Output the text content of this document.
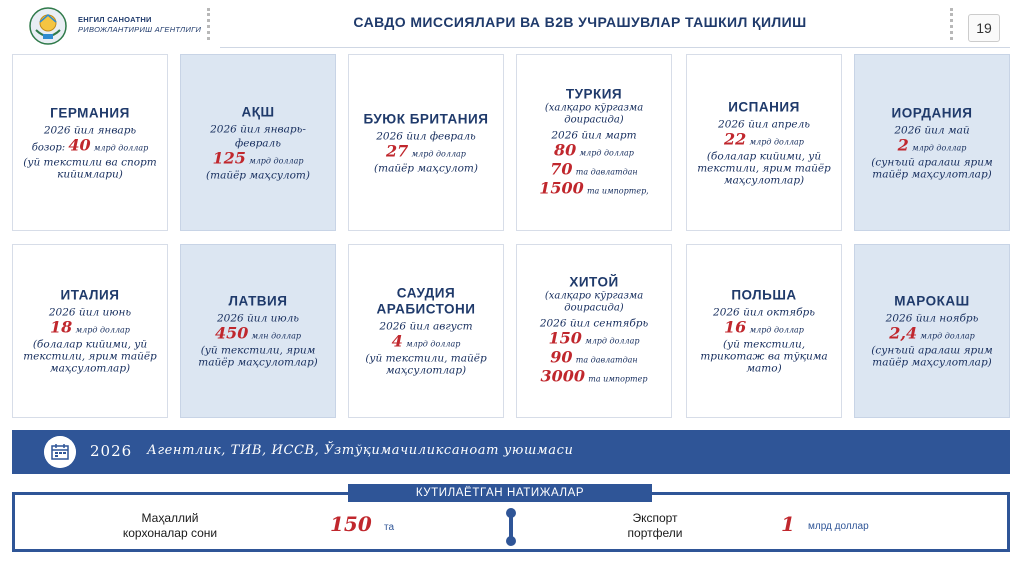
ЕНГИЛ САНОАТНИ
РИВОЖЛАНТИРИШ АГЕНТЛИГИ	САВДО МИССИЯЛАРИ ВА B2B УЧРАШУВЛАР ТАШКИЛ ҚИЛИШ	19
ГЕРМАНИЯ
2026 йил январь
бозор: 40 млрд доллар
(уй текстили ва спорт кийимлари)
АҚШ
2026 йил январь-февраль
125 млрд доллар
(тайёр маҳсулот)
БУЮК БРИТАНИЯ
2026 йил февраль
27 млрд доллар
(тайёр маҳсулот)
ТУРКИЯ
(халқаро кўргазма доирасида)
2026 йил март
80 млрд доллар
70 та давлатдан
1500 та импортер,
ИСПАНИЯ
2026 йил апрель
22 млрд доллар
(болалар кийими, уй текстили, ярим тайёр маҳсулотлар)
ИОРДАНИЯ
2026 йил май
2 млрд доллар
(сунъий аралаш ярим тайёр маҳсулотлар)
ИТАЛИЯ
2026 йил июнь
18 млрд доллар
(болалар кийими, уй текстили, ярим тайёр маҳсулотлар)
ЛАТВИЯ
2026 йил июль
450 млн доллар
(уй текстили, ярим тайёр маҳсулотлар)
САУДИЯ АРАБИСТОНИ
2026 йил август
4 млрд доллар
(уй текстили, тайёр маҳсулотлар)
ХИТОЙ
(халқаро кўргазма доирасида)
2026 йил сентябрь
150 млрд доллар
90 та давлатдан
3000 та импортер
ПОЛЬША
2026 йил октябрь
16 млрд доллар
(уй текстили, трикотаж ва тўқима мато)
МАРОКАШ
2026 йил ноябрь
2,4 млрд доллар
(сунъий аралаш ярим тайёр маҳсулотлар)
2026 Агентлик, ТИВ, ИССВ, Ўзтўқимачиликсаноат уюшмаси
КУТИЛАЁТГАН НАТИЖАЛАР
Маҳаллий
корхоналар сони	150 та
Экспорт
портфели	1 млрд доллар
